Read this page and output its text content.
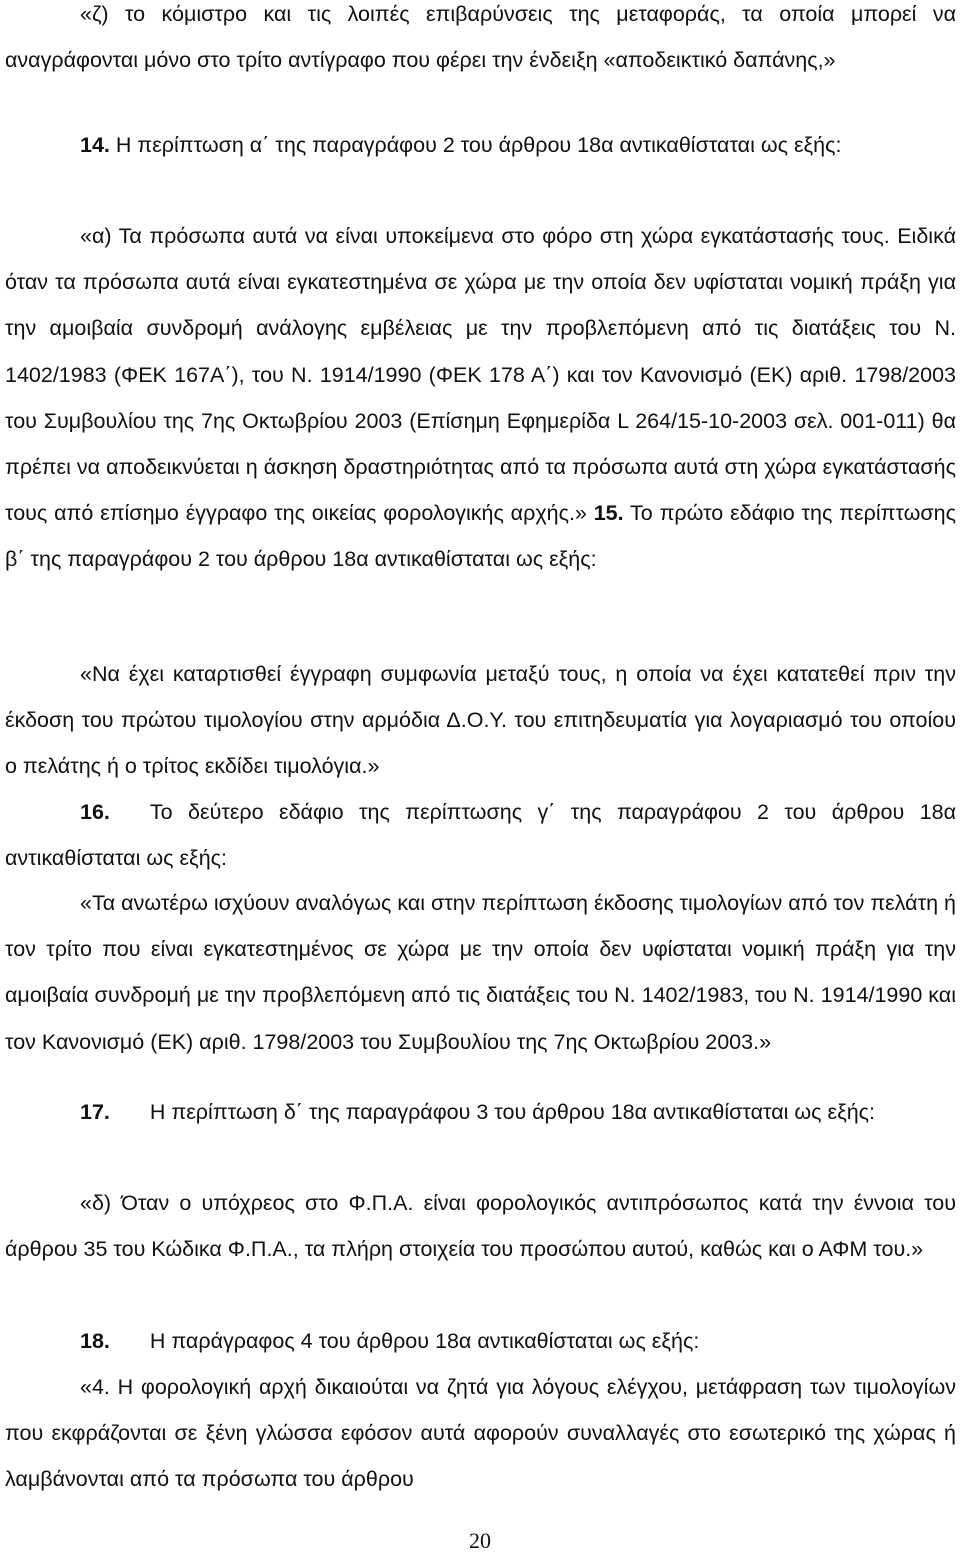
«ζ) το κόμιστρο και τις λοιπές επιβαρύνσεις της μεταφοράς, τα οποία μπορεί να αναγράφονται μόνο στο τρίτο αντίγραφο που φέρει την ένδειξη «αποδεικτικό δαπάνης,»

14. Η περίπτωση α΄ της παραγράφου 2 του άρθρου 18α αντικαθίσταται ως εξής:

«α) Τα πρόσωπα αυτά να είναι υποκείμενα στο φόρο στη χώρα εγκατάστασής τους. Ειδικά όταν τα πρόσωπα αυτά είναι εγκατεστημένα σε χώρα με την οποία δεν υφίσταται νομική πράξη για την αμοιβαία συνδρομή ανάλογης εμβέλειας με την προβλεπόμενη από τις διατάξεις του Ν. 1402/1983 (ΦΕΚ 167Α΄), του Ν. 1914/1990 (ΦΕΚ 178 Α΄) και τον Κανονισμό (ΕΚ) αριθ. 1798/2003 του Συμβουλίου της 7ης Οκτωβρίου 2003 (Επίσημη Εφημερίδα L 264/15-10-2003 σελ. 001-011) θα πρέπει να αποδεικνύεται η άσκηση δραστηριότητας από τα πρόσωπα αυτά στη χώρα εγκατάστασής τους από επίσημο έγγραφο της οικείας φορολογικής αρχής.» 15. Το πρώτο εδάφιο της περίπτωσης β΄ της παραγράφου 2 του άρθρου 18α αντικαθίσταται ως εξής:

«Να έχει καταρτισθεί έγγραφη συμφωνία μεταξύ τους, η οποία να έχει κατατεθεί πριν την έκδοση του πρώτου τιμολογίου στην αρμόδια Δ.Ο.Υ. του επιτηδευματία για λογαριασμό του οποίου ο πελάτης ή ο τρίτος εκδίδει τιμολόγια.»

16. Το δεύτερο εδάφιο της περίπτωσης γ΄ της παραγράφου 2 του άρθρου 18α αντικαθίσταται ως εξής:

«Τα ανωτέρω ισχύουν αναλόγως και στην περίπτωση έκδοσης τιμολογίων από τον πελάτη ή τον τρίτο που είναι εγκατεστημένος σε χώρα με την οποία δεν υφίσταται νομική πράξη για την αμοιβαία συνδρομή με την προβλεπόμενη από τις διατάξεις του Ν. 1402/1983, του Ν. 1914/1990 και τον Κανονισμό (ΕΚ) αριθ. 1798/2003 του Συμβουλίου της 7ης Οκτωβρίου 2003.»

17. Η περίπτωση δ΄ της παραγράφου 3 του άρθρου 18α αντικαθίσταται ως εξής:

«δ) Όταν ο υπόχρεος στο Φ.Π.Α. είναι φορολογικός αντιπρόσωπος κατά την έννοια του άρθρου 35 του Κώδικα Φ.Π.Α., τα πλήρη στοιχεία του προσώπου αυτού, καθώς και ο ΑΦΜ του.»

18. Η παράγραφος 4 του άρθρου 18α αντικαθίσταται ως εξής:

«4. Η φορολογική αρχή δικαιούται να ζητά για λόγους ελέγχου, μετάφραση των τιμολογίων που εκφράζονται σε ξένη γλώσσα εφόσον αυτά αφορούν συναλλαγές στο εσωτερικό της χώρας ή λαμβάνονται από τα πρόσωπα του άρθρου

20
